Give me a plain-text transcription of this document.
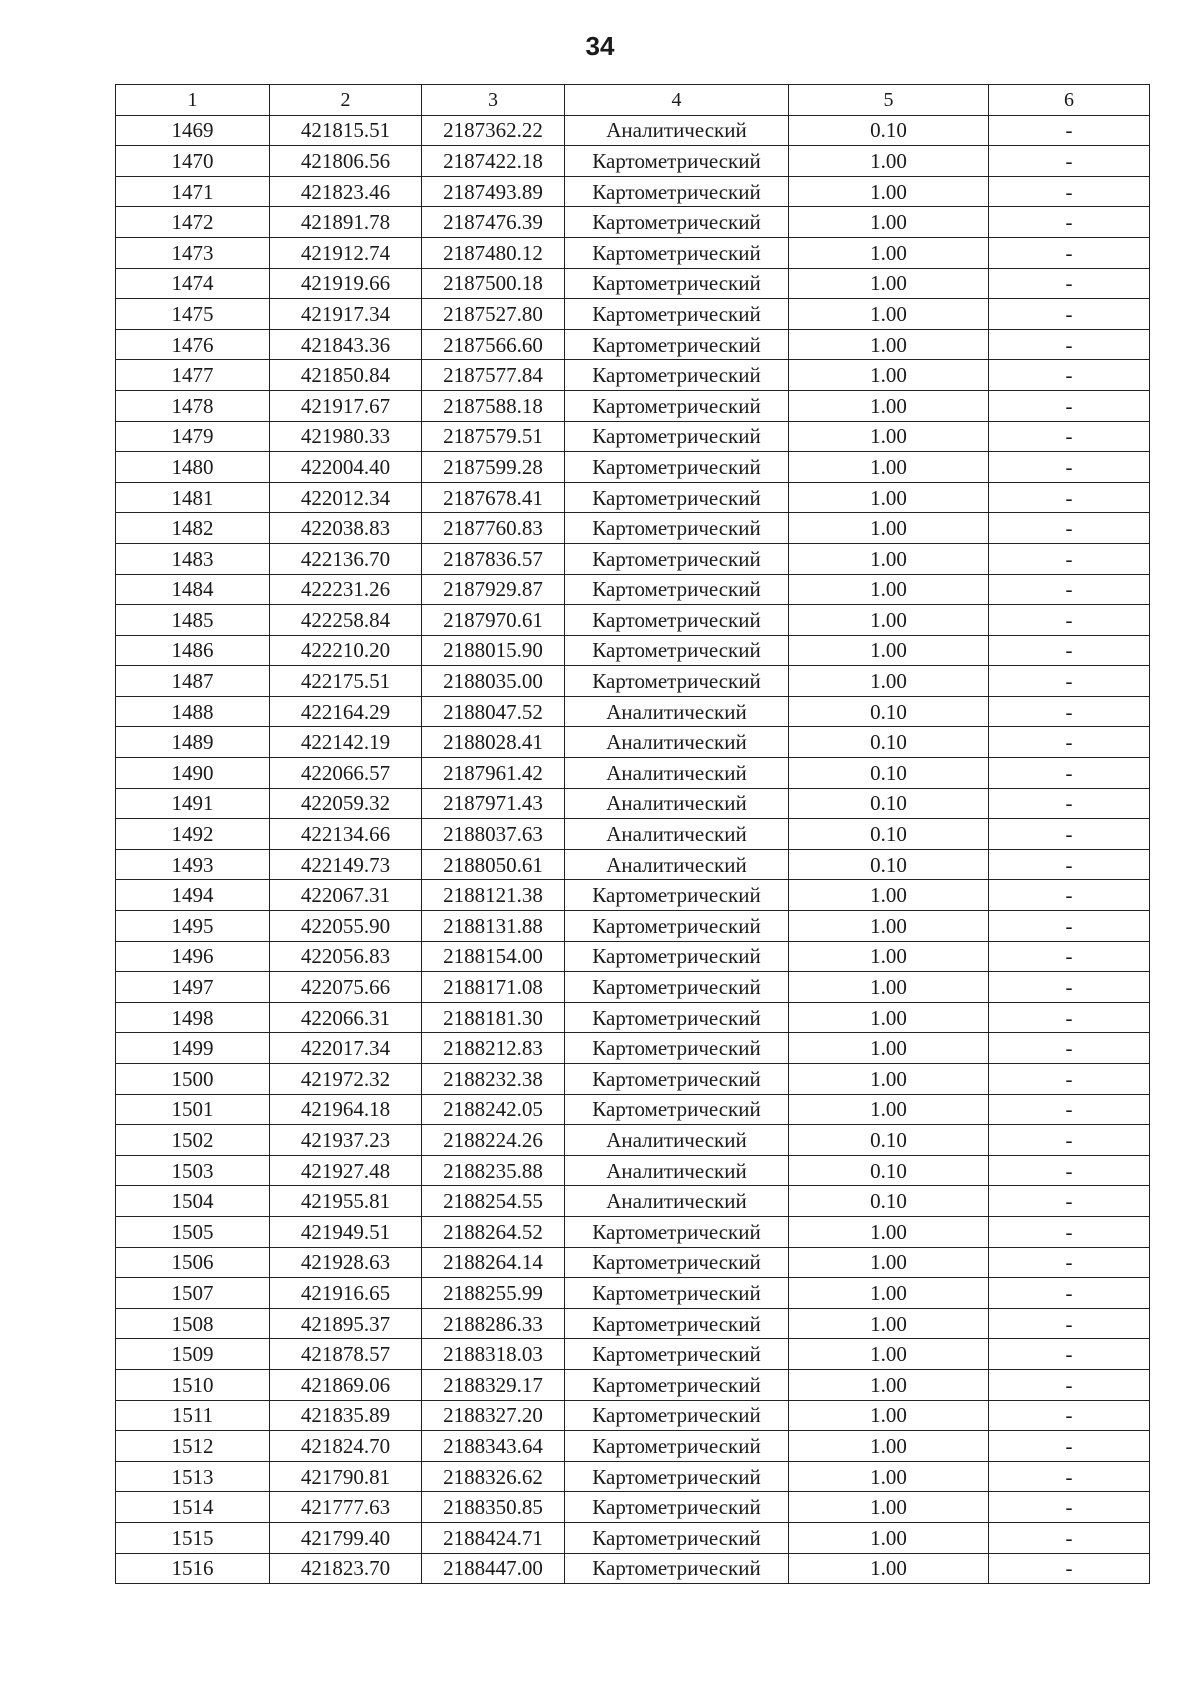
34
1	2	3	4	5	6
1469	421815.51	2187362.22	Аналитический	0.10	-
1470	421806.56	2187422.18	Картометрический	1.00	-
1471	421823.46	2187493.89	Картометрический	1.00	-
1472	421891.78	2187476.39	Картометрический	1.00	-
1473	421912.74	2187480.12	Картометрический	1.00	-
1474	421919.66	2187500.18	Картометрический	1.00	-
1475	421917.34	2187527.80	Картометрический	1.00	-
1476	421843.36	2187566.60	Картометрический	1.00	-
1477	421850.84	2187577.84	Картометрический	1.00	-
1478	421917.67	2187588.18	Картометрический	1.00	-
1479	421980.33	2187579.51	Картометрический	1.00	-
1480	422004.40	2187599.28	Картометрический	1.00	-
1481	422012.34	2187678.41	Картометрический	1.00	-
1482	422038.83	2187760.83	Картометрический	1.00	-
1483	422136.70	2187836.57	Картометрический	1.00	-
1484	422231.26	2187929.87	Картометрический	1.00	-
1485	422258.84	2187970.61	Картометрический	1.00	-
1486	422210.20	2188015.90	Картометрический	1.00	-
1487	422175.51	2188035.00	Картометрический	1.00	-
1488	422164.29	2188047.52	Аналитический	0.10	-
1489	422142.19	2188028.41	Аналитический	0.10	-
1490	422066.57	2187961.42	Аналитический	0.10	-
1491	422059.32	2187971.43	Аналитический	0.10	-
1492	422134.66	2188037.63	Аналитический	0.10	-
1493	422149.73	2188050.61	Аналитический	0.10	-
1494	422067.31	2188121.38	Картометрический	1.00	-
1495	422055.90	2188131.88	Картометрический	1.00	-
1496	422056.83	2188154.00	Картометрический	1.00	-
1497	422075.66	2188171.08	Картометрический	1.00	-
1498	422066.31	2188181.30	Картометрический	1.00	-
1499	422017.34	2188212.83	Картометрический	1.00	-
1500	421972.32	2188232.38	Картометрический	1.00	-
1501	421964.18	2188242.05	Картометрический	1.00	-
1502	421937.23	2188224.26	Аналитический	0.10	-
1503	421927.48	2188235.88	Аналитический	0.10	-
1504	421955.81	2188254.55	Аналитический	0.10	-
1505	421949.51	2188264.52	Картометрический	1.00	-
1506	421928.63	2188264.14	Картометрический	1.00	-
1507	421916.65	2188255.99	Картометрический	1.00	-
1508	421895.37	2188286.33	Картометрический	1.00	-
1509	421878.57	2188318.03	Картометрический	1.00	-
1510	421869.06	2188329.17	Картометрический	1.00	-
1511	421835.89	2188327.20	Картометрический	1.00	-
1512	421824.70	2188343.64	Картометрический	1.00	-
1513	421790.81	2188326.62	Картометрический	1.00	-
1514	421777.63	2188350.85	Картометрический	1.00	-
1515	421799.40	2188424.71	Картометрический	1.00	-
1516	421823.70	2188447.00	Картометрический	1.00	-
